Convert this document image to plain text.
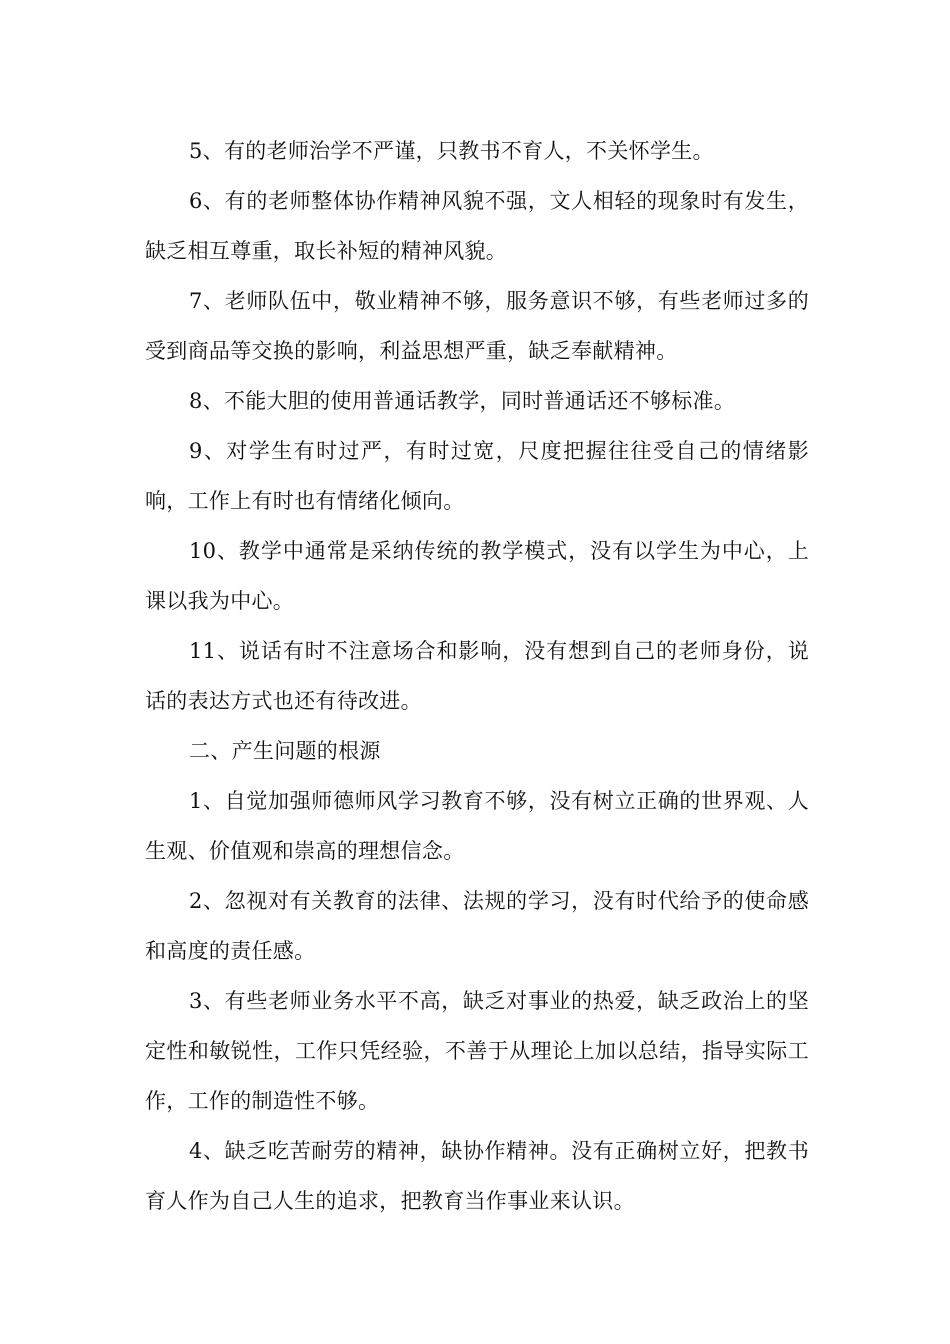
5、有的老师治学不严谨，只教书不育人，不关怀学生。

6、有的老师整体协作精神风貌不强，文人相轻的现象时有发生，缺乏相互尊重，取长补短的精神风貌。

7、老师队伍中，敬业精神不够，服务意识不够，有些老师过多的受到商品等交换的影响，利益思想严重，缺乏奉献精神。

8、不能大胆的使用普通话教学，同时普通话还不够标准。

9、对学生有时过严，有时过宽，尺度把握往往受自己的情绪影响，工作上有时也有情绪化倾向。

10、教学中通常是采纳传统的教学模式，没有以学生为中心，上课以我为中心。

11、说话有时不注意场合和影响，没有想到自己的老师身份，说话的表达方式也还有待改进。

二、产生问题的根源

1、自觉加强师德师风学习教育不够，没有树立正确的世界观、人生观、价值观和崇高的理想信念。

2、忽视对有关教育的法律、法规的学习，没有时代给予的使命感和高度的责任感。

3、有些老师业务水平不高，缺乏对事业的热爱，缺乏政治上的坚定性和敏锐性，工作只凭经验，不善于从理论上加以总结，指导实际工作，工作的制造性不够。

4、缺乏吃苦耐劳的精神，缺协作精神。没有正确树立好，把教书育人作为自己人生的追求，把教育当作事业来认识。
